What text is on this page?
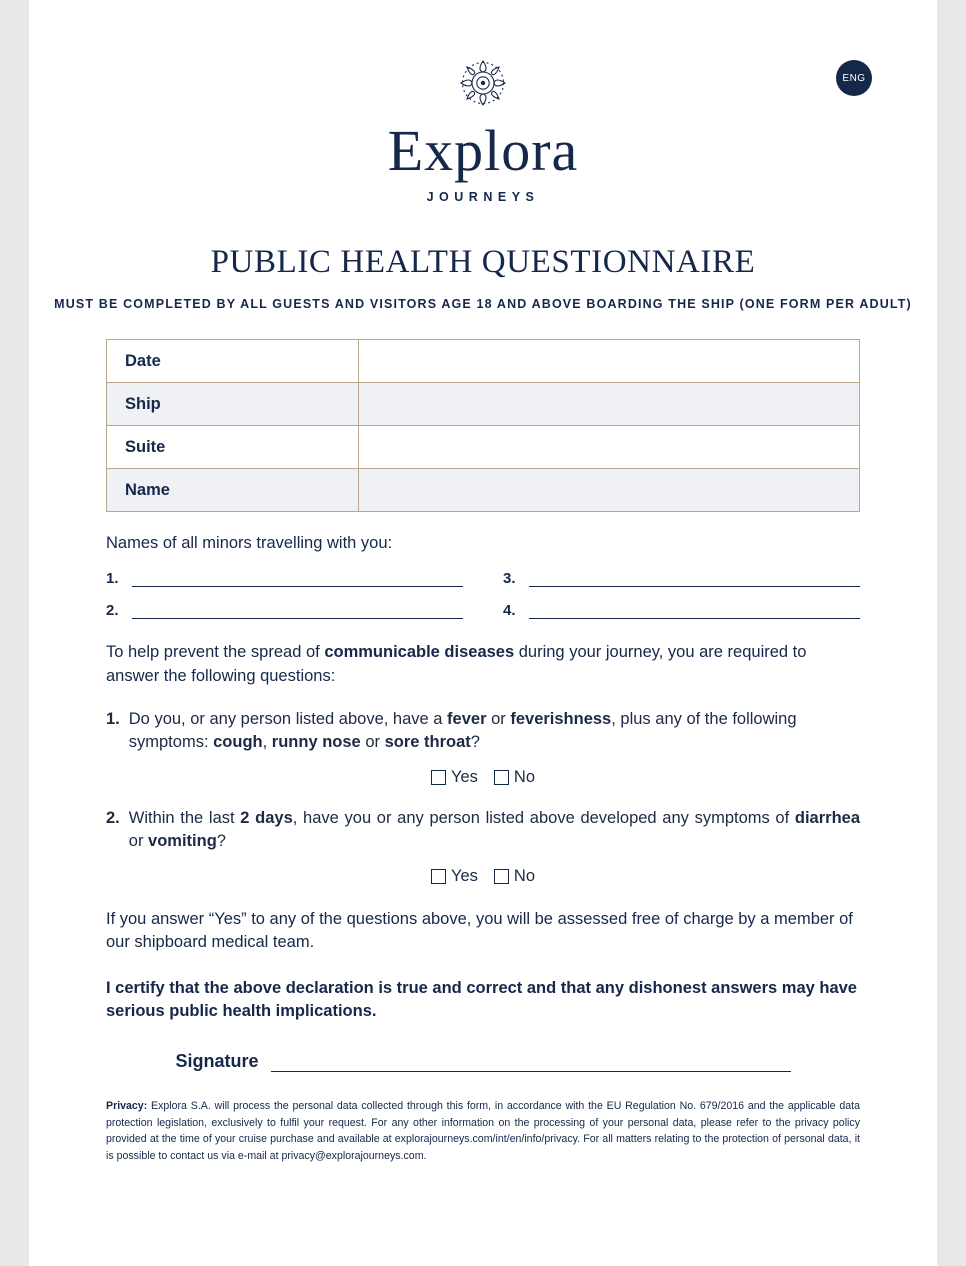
ENG
Explora
JOURNEYS
PUBLIC HEALTH QUESTIONNAIRE
MUST BE COMPLETED BY ALL GUESTS AND VISITORS AGE 18 AND ABOVE BOARDING THE SHIP (ONE FORM PER ADULT)
Date	
Ship	
Suite	
Name	
Names of all minors travelling with you:
1.	3.
2.	4.
To help prevent the spread of communicable diseases during your journey, you are required to answer the following questions:
1. Do you, or any person listed above, have a fever or feverishness, plus any of the following symptoms: cough, runny nose or sore throat?
Yes No
2. Within the last 2 days, have you or any person listed above developed any symptoms of diarrhea or vomiting?
Yes No
If you answer “Yes” to any of the questions above, you will be assessed free of charge by a member of our shipboard medical team.
I certify that the above declaration is true and correct and that any dishonest answers may have serious public health implications.
Signature
Privacy: Explora S.A. will process the personal data collected through this form, in accordance with the EU Regulation No. 679/2016 and the applicable data protection legislation, exclusively to fulfil your request. For any other information on the processing of your personal data, please refer to the privacy policy provided at the time of your cruise purchase and available at explorajourneys.com/int/en/info/privacy. For all matters relating to the protection of personal data, it is possible to contact us via e-mail at privacy@explorajourneys.com.
